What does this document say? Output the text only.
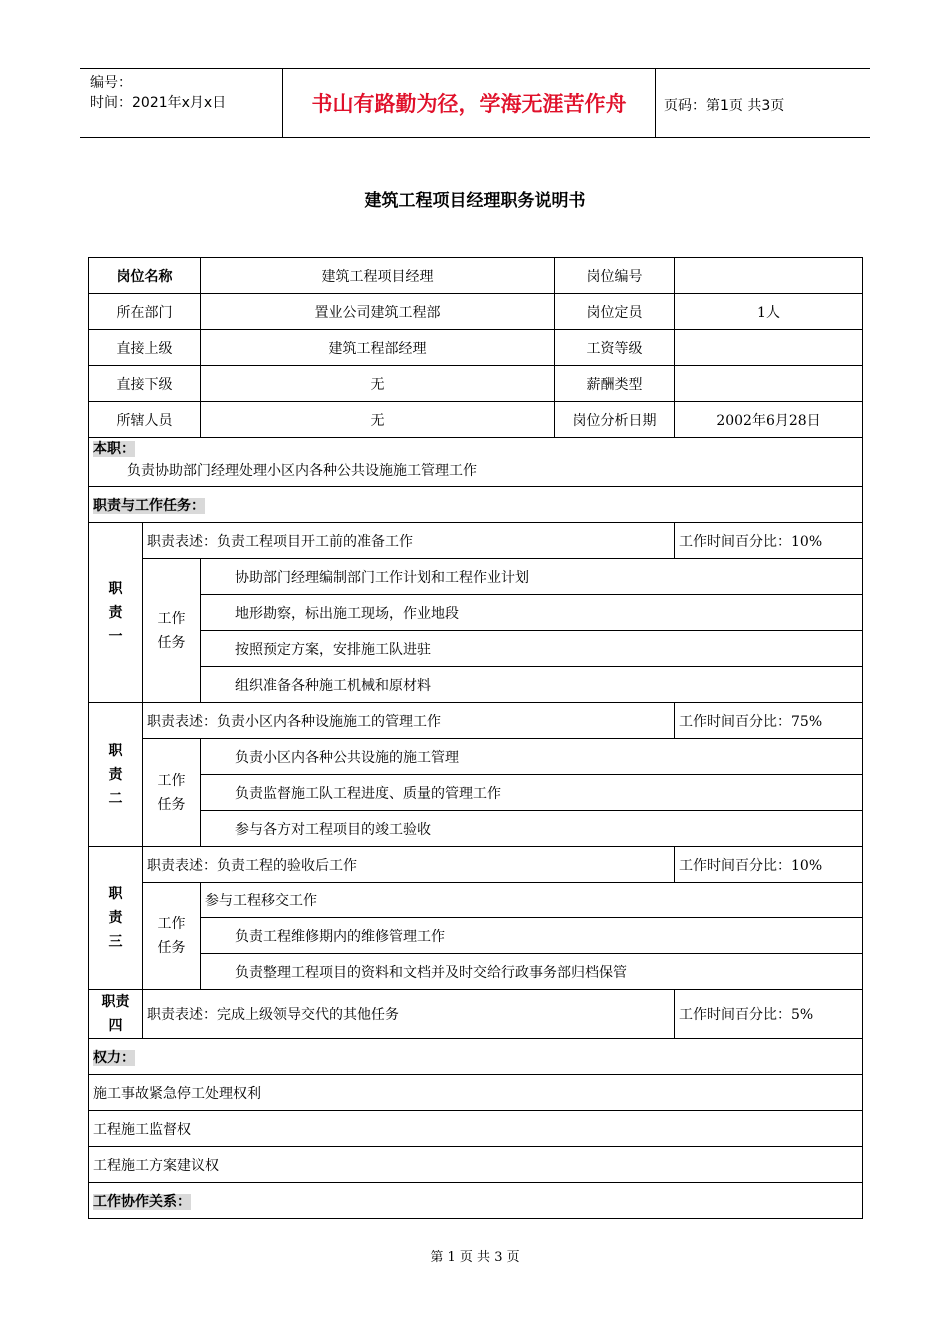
编号：
时间：2021年x月x日	书山有路勤为径，学海无涯苦作舟	页码：第1页 共3页
建筑工程项目经理职务说明书
岗位名称		建筑工程项目经理	岗位编号	
所在部门		置业公司建筑工程部	岗位定员	1人
直接上级		建筑工程部经理	工资等级	
直接下级		无	薪酬类型	
所辖人员		无	岗位分析日期	2002年6月28日

本职：
负责协助部门经理处理小区内各种公共设施施工管理工作				

职责与工作任务：				

职
责
一	职责表述：负责工程项目开工前的准备工作			工作时间百分比：10%

	工作
任务	协助部门经理编制部门工作计划和工程作业计划		
		地形勘察，标出施工现场，作业地段		
		按照预定方案，安排施工队进驻		
		组织准备各种施工机械和原材料		

职
责
二	职责表述：负责小区内各种设施施工的管理工作			工作时间百分比：75%

	工作
任务	负责小区内各种公共设施的施工管理		
		负责监督施工队工程进度、质量的管理工作		
		参与各方对工程项目的竣工验收		

职
责
三	职责表述：负责工程的验收后工作			工作时间百分比：10%

	工作
任务	参与工程移交工作		
		负责工程维修期内的维修管理工作		
		负责整理工程项目的资料和文档并及时交给行政事务部归档保管		

职责
四	职责表述：完成上级领导交代的其他任务			工作时间百分比：5%
权力：				
施工事故紧急停工处理权利				
工程施工监督权				
工程施工方案建议权				
工作协作关系：				
第 1 页 共 3 页
